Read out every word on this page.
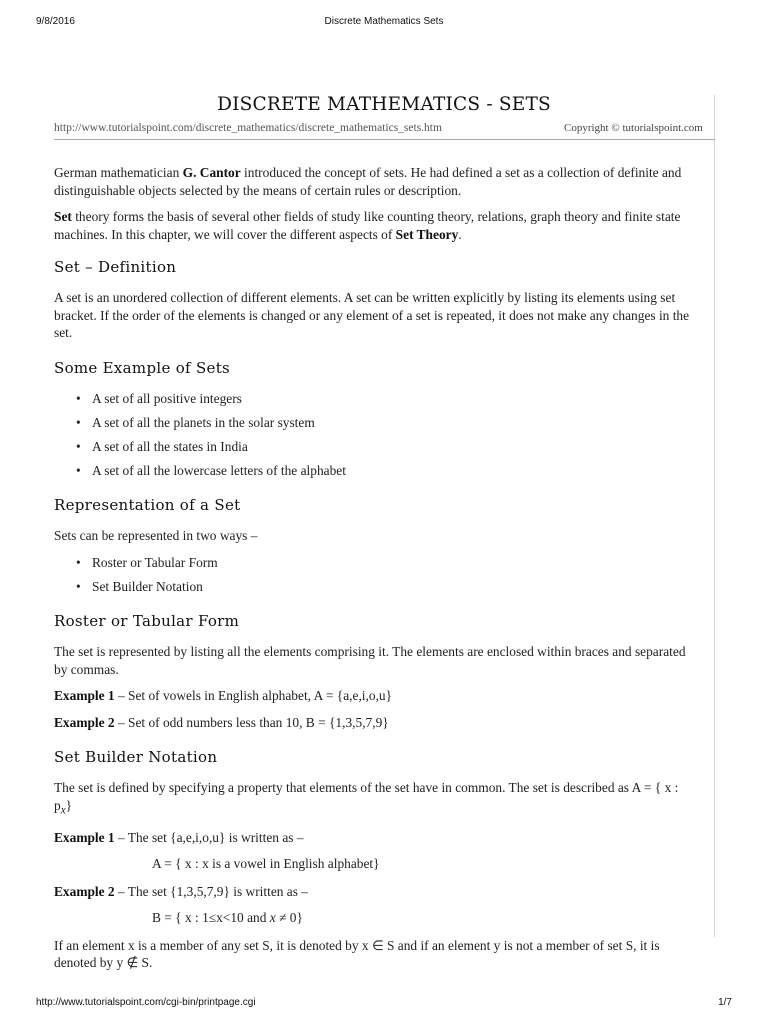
9/8/2016	Discrete Mathematics Sets
DISCRETE MATHEMATICS - SETS
http://www.tutorialspoint.com/discrete_mathematics/discrete_mathematics_sets.htm	Copyright © tutorialspoint.com

German mathematician G. Cantor introduced the concept of sets. He had defined a set as a collection of definite and distinguishable objects selected by the means of certain rules or description.

Set theory forms the basis of several other fields of study like counting theory, relations, graph theory and finite state machines. In this chapter, we will cover the different aspects of Set Theory.

Set – Definition

A set is an unordered collection of different elements. A set can be written explicitly by listing its elements using set bracket. If the order of the elements is changed or any element of a set is repeated, it does not make any changes in the set.

Some Example of Sets
• A set of all positive integers
• A set of all the planets in the solar system
• A set of all the states in India
• A set of all the lowercase letters of the alphabet
Representation of a Set

Sets can be represented in two ways –

• Roster or Tabular Form
• Set Builder Notation
Roster or Tabular Form

The set is represented by listing all the elements comprising it. The elements are enclosed within braces and separated by commas.

Example 1 – Set of vowels in English alphabet, A = {a,e,i,o,u}

Example 2 – Set of odd numbers less than 10, B = {1,3,5,7,9}

Set Builder Notation

The set is defined by specifying a property that elements of the set have in common. The set is described as A = { x : $p_x$}

Example 1 – The set {a,e,i,o,u} is written as –

A = { x : x is a vowel in English alphabet}

Example 2 – The set {1,3,5,7,9} is written as –

B = { x : 1≤x<10 and x ≠ 0}

If an element x is a member of any set S, it is denoted by x ∈ S and if an element y is not a member of set S, it is denoted by y ∉ S.

http://www.tutorialspoint.com/cgi-bin/printpage.cgi	1/7
